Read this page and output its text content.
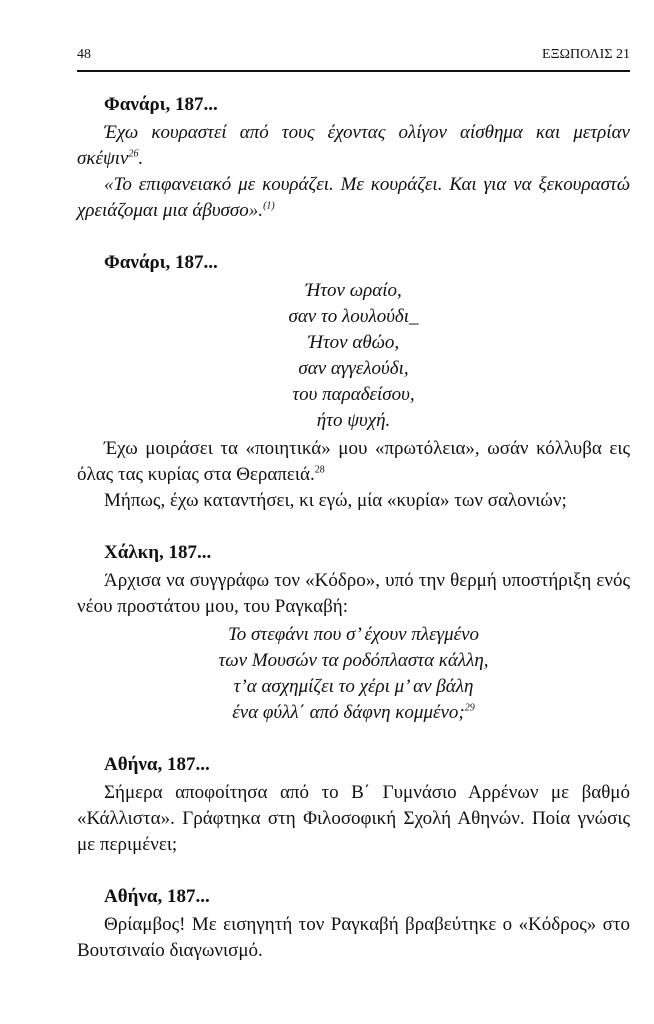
48	ΕΞΩΠΟΛΙΣ 21
Φανάρι, 187...

Έχω κουραστεί από τους έχοντας ολίγον αίσθημα και μετρίαν σκέψιν$^{26}$.

«Το επιφανειακό με κουράζει. Με κουράζει. Και για να ξεκουραστώ χρειάζομαι μια άβυσσο».$^{(1)}$

Φανάρι, 187...
Ήτον ωραίο,
σαν το λουλούδι_
Ήτον αθώο,
σαν αγγελούδι,
του παραδείσου,
ήτο ψυχή.

Έχω μοιράσει τα «ποιητικά» μου «πρωτόλεια», ωσάν κόλλυβα εις όλας τας κυρίας στα Θεραπειά.$^{28}$

Μήπως, έχω καταντήσει, κι εγώ, μία «κυρία» των σαλονιών;

Χάλκη, 187...

Άρχισα να συγγράφω τον «Κόδρο», υπό την θερμή υποστήριξη ενός νέου προστάτου μου, του Ραγκαβή:

Το στεφάνι που σ’ έχουν πλεγμένο
των Μουσών τα ροδόπλαστα κάλλη,
τ’α ασχημίζει το χέρι μ’ αν βάλη
ένα φύλλ΄ από δάφνη κομμένο;$^{29}$
Αθήνα, 187...

Σήμερα αποφοίτησα από το Β΄ Γυμνάσιο Αρρένων με βαθμό «Κάλλιστα». Γράφτηκα στη Φιλοσοφική Σχολή Αθηνών. Ποία γνώσις με περιμένει;

Αθήνα, 187...

Θρίαμβος! Με εισηγητή τον Ραγκαβή βραβεύτηκε ο «Κόδρος» στο Βουτσιναίο διαγωνισμό.
